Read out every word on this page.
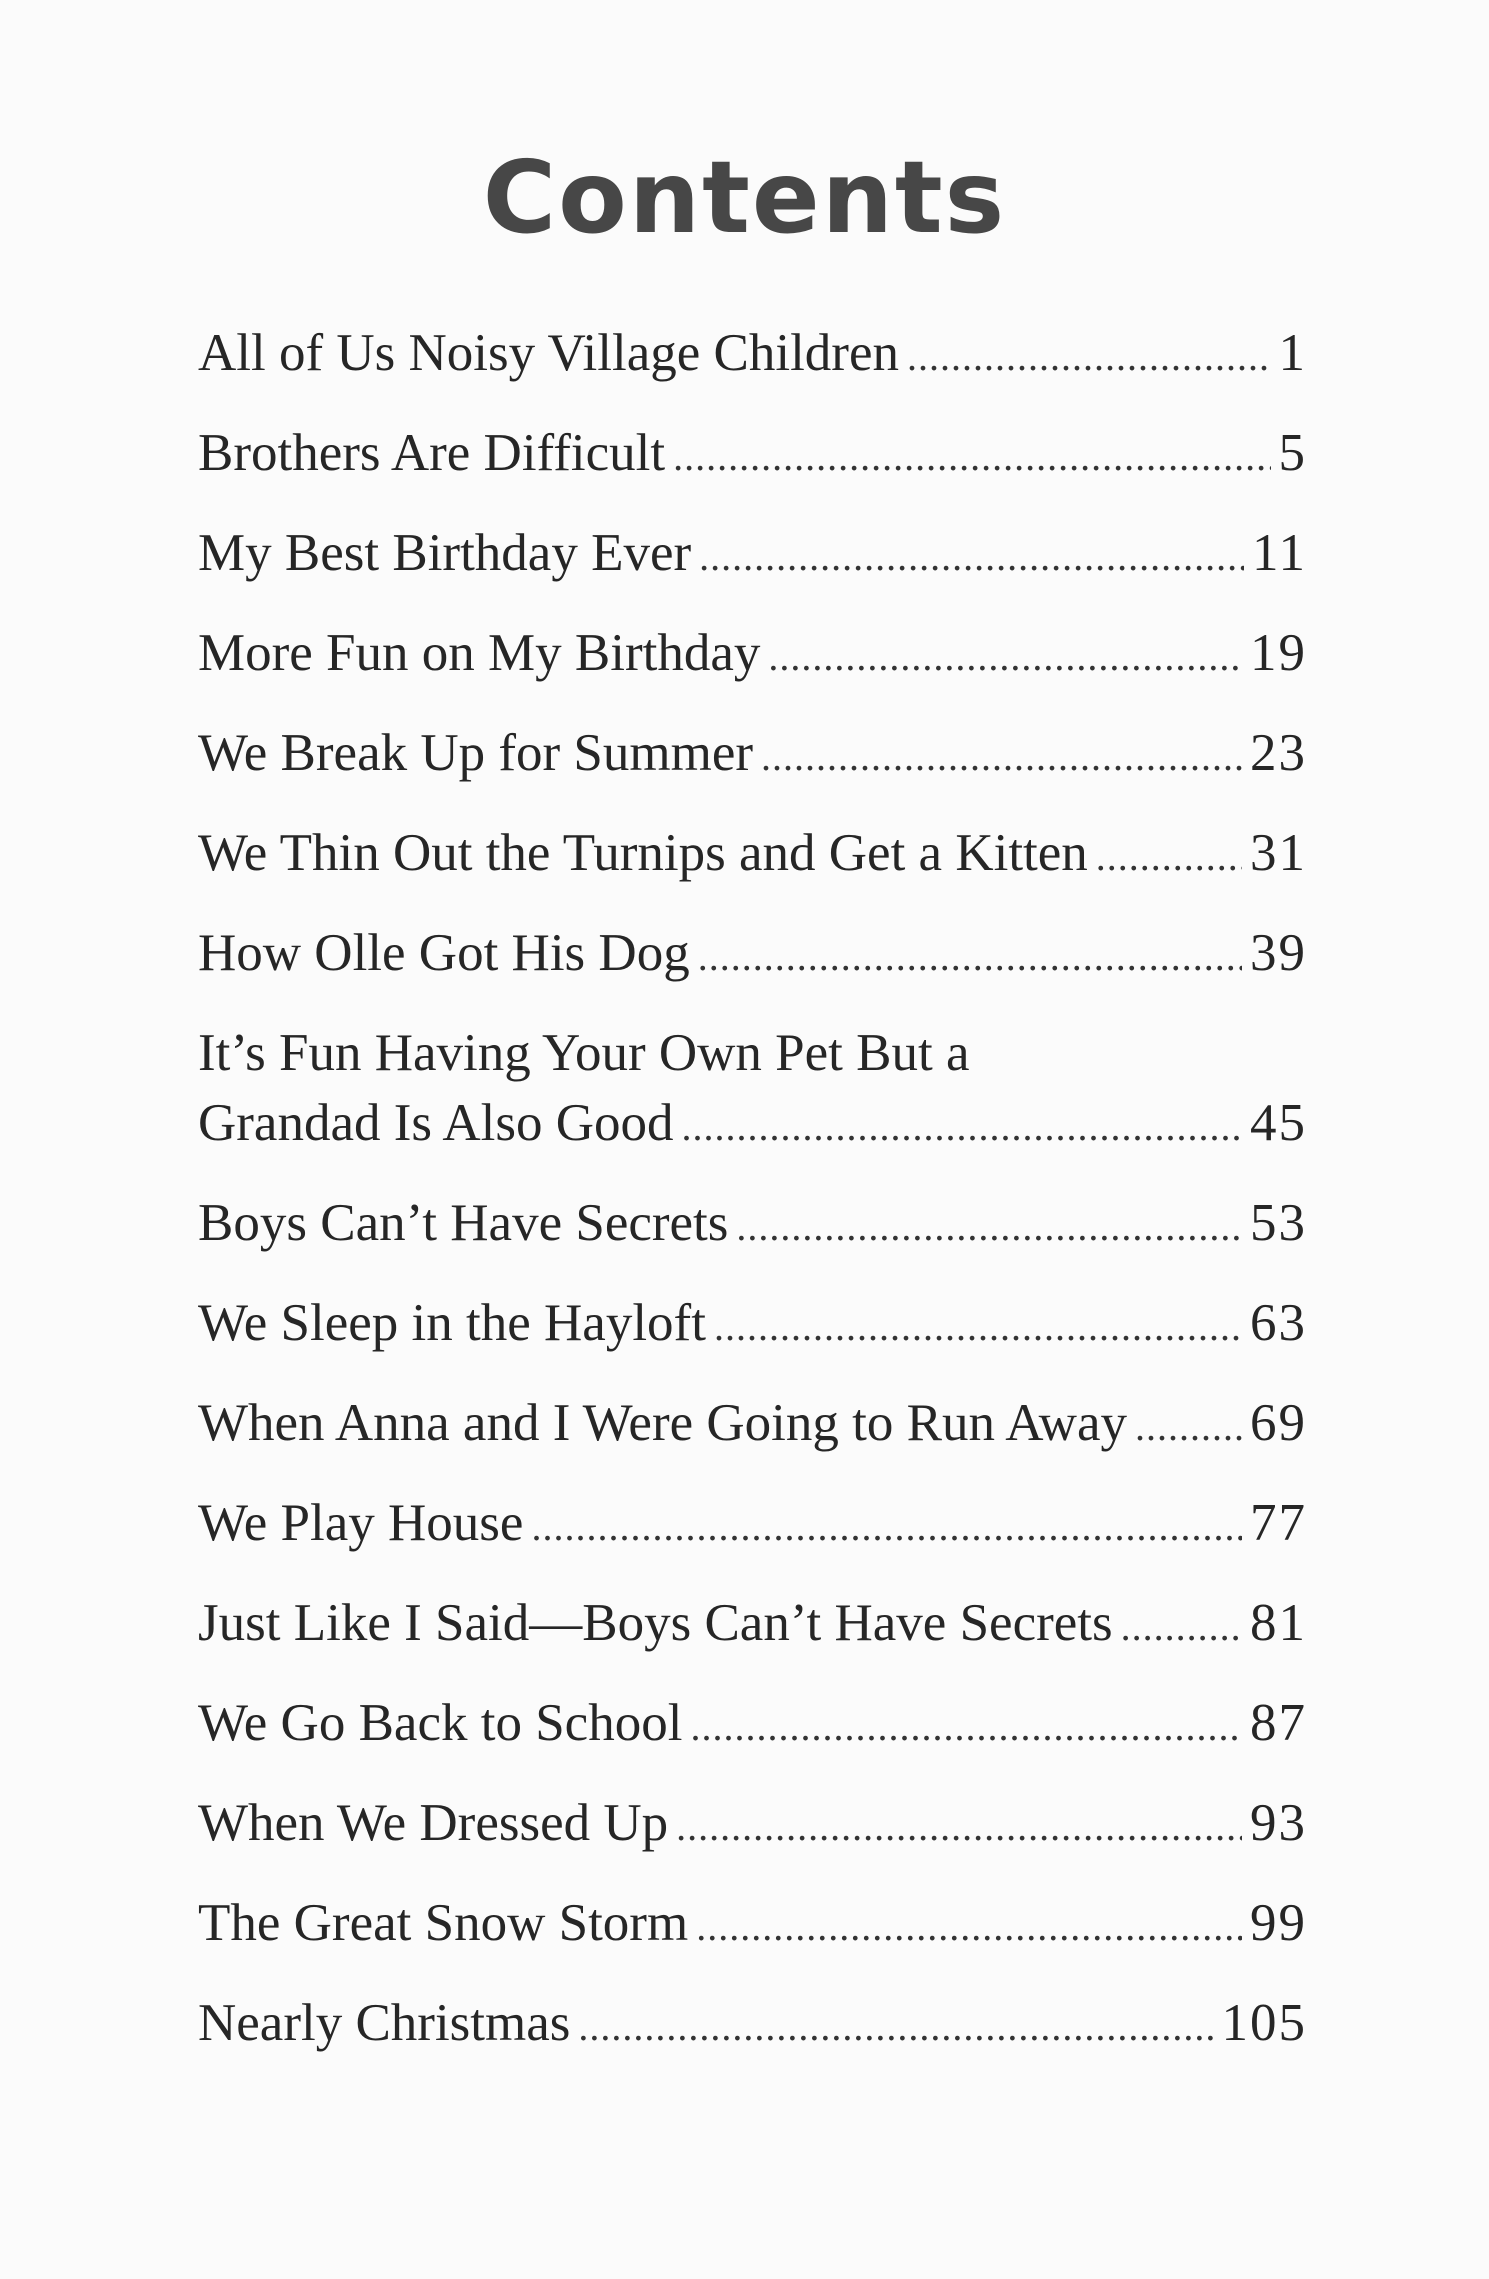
Contents
All of Us Noisy Village Children .....	1
Brothers Are Difficult .....	5
My Best Birthday Ever .....	11
More Fun on My Birthday .....	19
We Break Up for Summer .....	23
We Thin Out the Turnips and Get a Kitten .....	31
How Olle Got His Dog .....	39
It’s Fun Having Your Own Pet But a
Grandad Is Also Good .....	45
Boys Can’t Have Secrets .....	53
We Sleep in the Hayloft .....	63
When Anna and I Were Going to Run Away ..... 69
We Play House .....	77
Just Like I Said—Boys Can’t Have Secrets .....	81
We Go Back to School .....	87
When We Dressed Up .....	93
The Great Snow Storm .....	99
Nearly Christmas .....	105
